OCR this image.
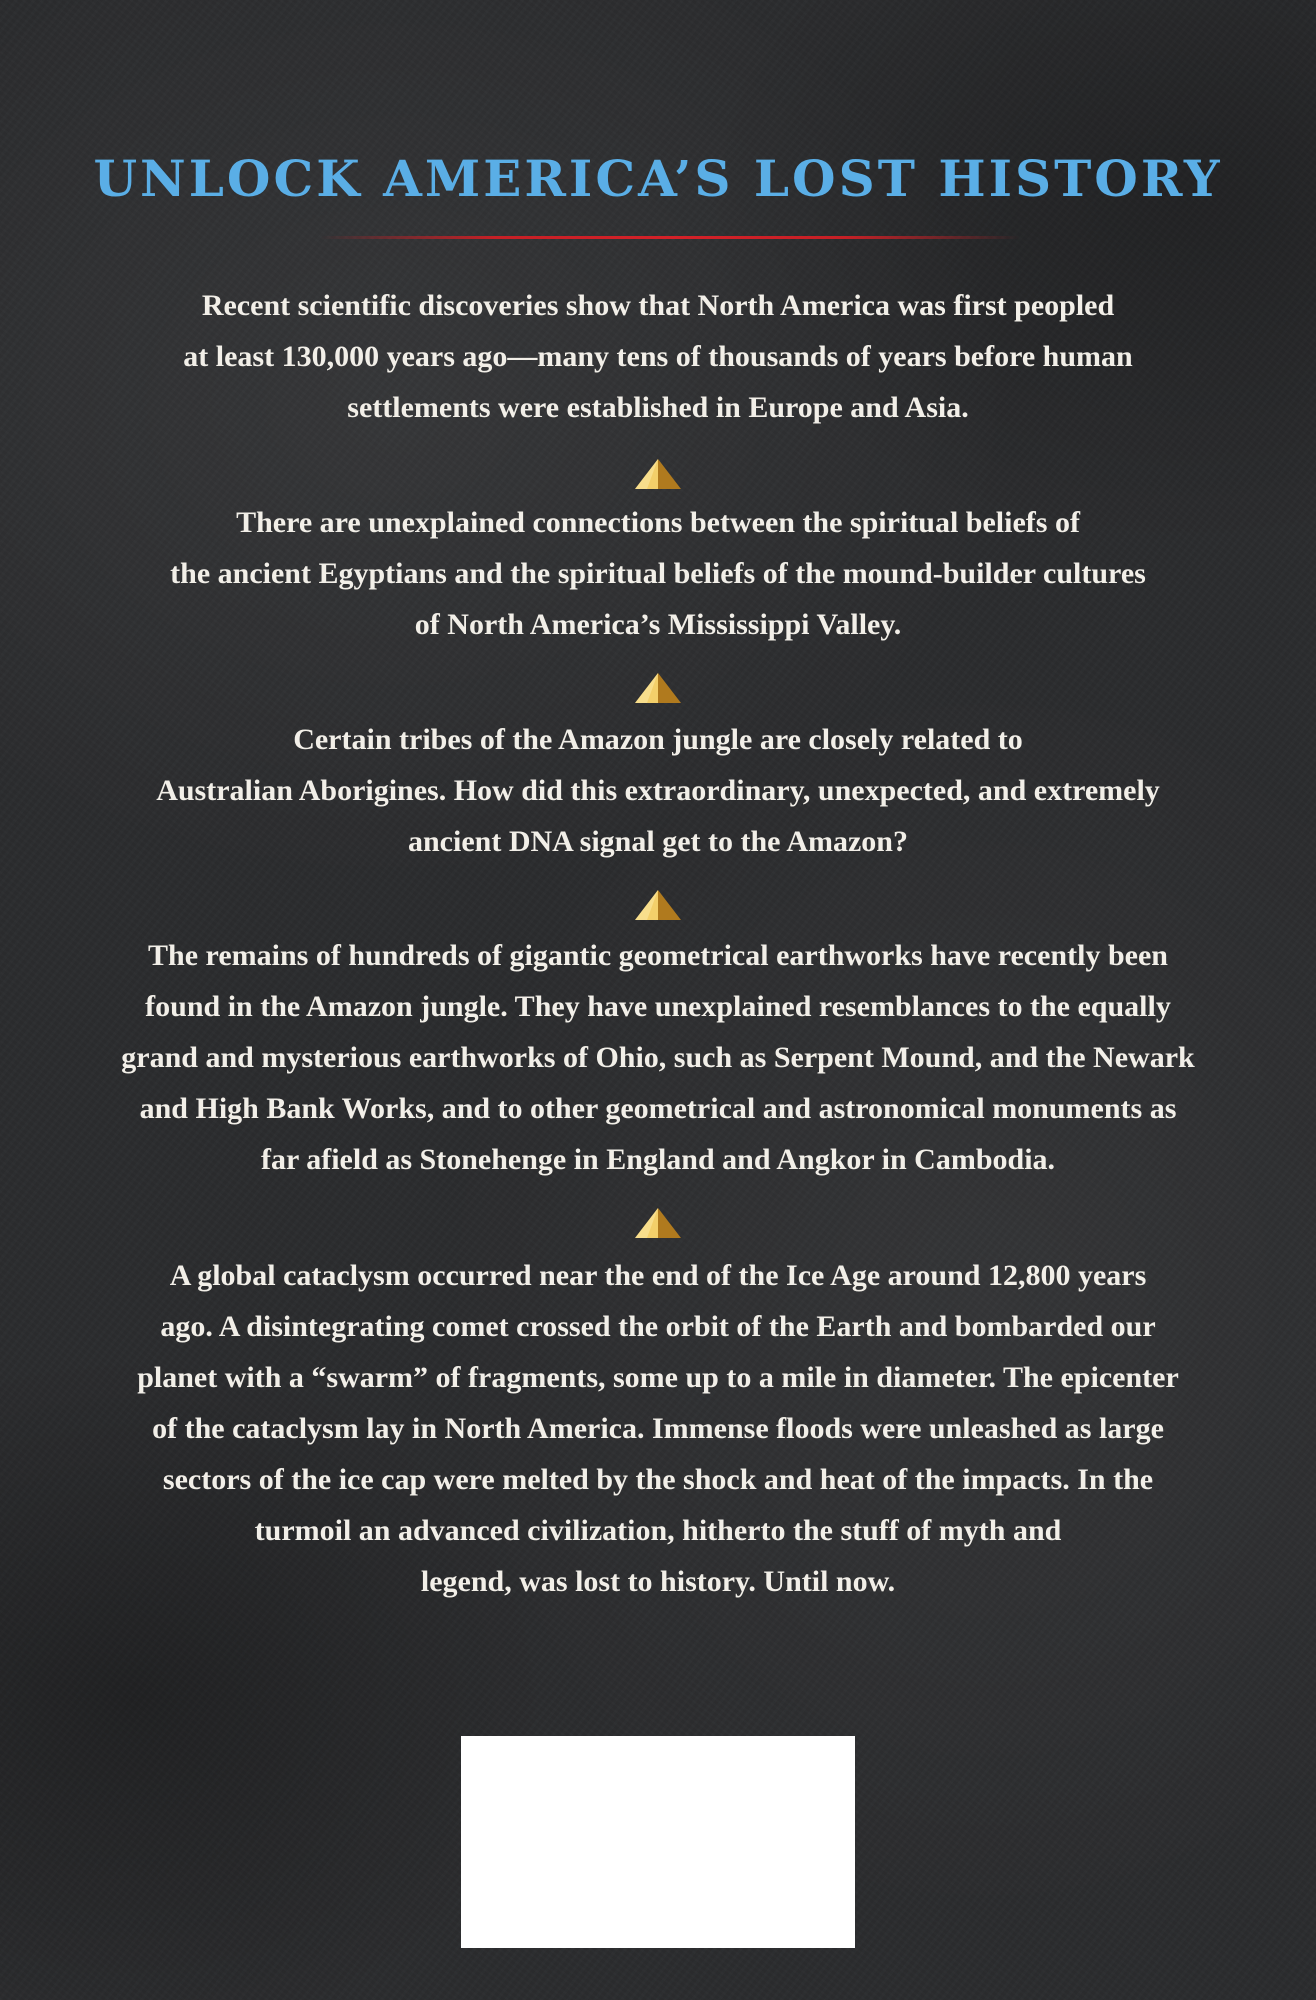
UNLOCK AMERICA’S LOST HISTORY

Recent scientific discoveries show that North America was first peopled
at least 130,000 years ago—many tens of thousands of years before human
settlements were established in Europe and Asia.

There are unexplained connections between the spiritual beliefs of
the ancient Egyptians and the spiritual beliefs of the mound-builder cultures
of North America’s Mississippi Valley.

Certain tribes of the Amazon jungle are closely related to
Australian Aborigines. How did this extraordinary, unexpected, and extremely
ancient DNA signal get to the Amazon?

The remains of hundreds of gigantic geometrical earthworks have recently been
found in the Amazon jungle. They have unexplained resemblances to the equally
grand and mysterious earthworks of Ohio, such as Serpent Mound, and the Newark
and High Bank Works, and to other geometrical and astronomical monuments as
far afield as Stonehenge in England and Angkor in Cambodia.

A global cataclysm occurred near the end of the Ice Age around 12,800 years
ago. A disintegrating comet crossed the orbit of the Earth and bombarded our
planet with a “swarm” of fragments, some up to a mile in diameter. The epicenter
of the cataclysm lay in North America. Immense floods were unleashed as large
sectors of the ice cap were melted by the shock and heat of the impacts. In the
turmoil an advanced civilization, hitherto the stuff of myth and
legend, was lost to history. Until now.
